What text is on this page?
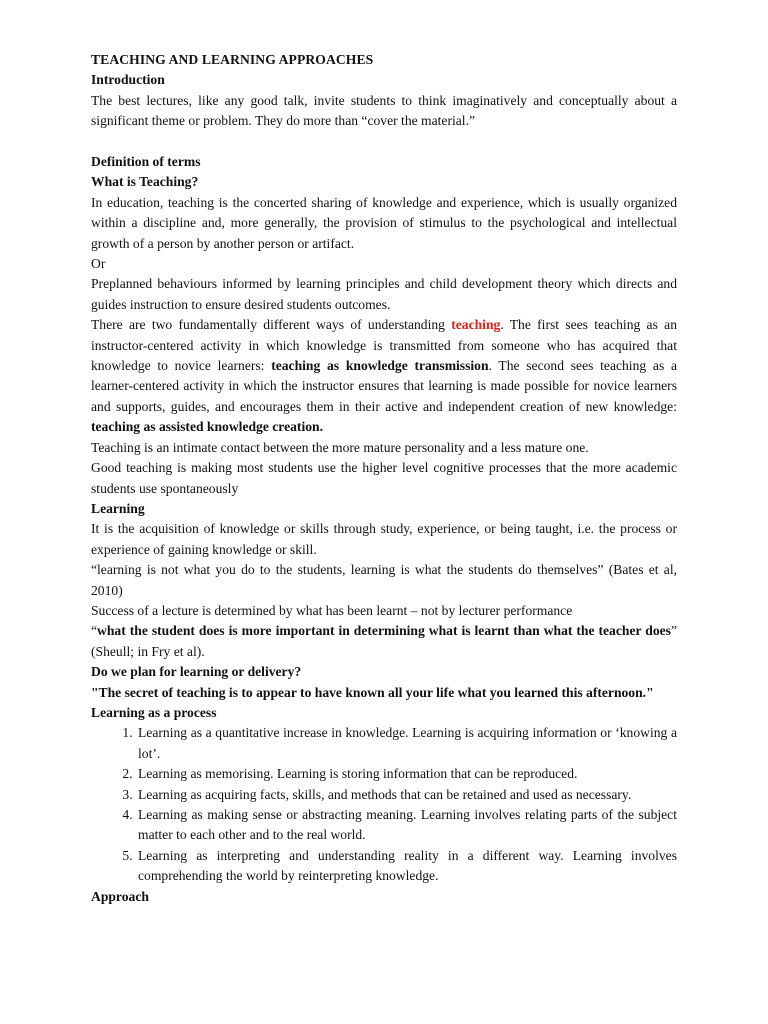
TEACHING AND LEARNING APPROACHES

Introduction

The best lectures, like any good talk, invite students to think imaginatively and conceptually about a significant theme or problem. They do more than “cover the material.”

Definition of terms

What is Teaching?

In education, teaching is the concerted sharing of knowledge and experience, which is usually organized within a discipline and, more generally, the provision of stimulus to the psychological and intellectual growth of a person by another person or artifact.

Or

Preplanned behaviours informed by learning principles and child development theory which directs and guides instruction to ensure desired students outcomes.

There are two fundamentally different ways of understanding teaching. The first sees teaching as an instructor-centered activity in which knowledge is transmitted from someone who has acquired that knowledge to novice learners: teaching as knowledge transmission. The second sees teaching as a learner-centered activity in which the instructor ensures that learning is made possible for novice learners and supports, guides, and encourages them in their active and independent creation of new knowledge: teaching as assisted knowledge creation.

Teaching is an intimate contact between the more mature personality and a less mature one.

Good teaching is making most students use the higher level cognitive processes that the more academic students use spontaneously

Learning

It is the acquisition of knowledge or skills through study, experience, or being taught, i.e. the process or experience of gaining knowledge or skill.

“learning is not what you do to the students, learning is what the students do themselves” (Bates et al, 2010)

Success of a lecture is determined by what has been learnt – not by lecturer performance

“what the student does is more important in determining what is learnt than what the teacher does” (Sheull; in Fry et al).

Do we plan for learning or delivery?

"The secret of teaching is to appear to have known all your life what you learned this afternoon."

Learning as a process

1. Learning as a quantitative increase in knowledge. Learning is acquiring information or ‘knowing a lot’.
2. Learning as memorising. Learning is storing information that can be reproduced.
3. Learning as acquiring facts, skills, and methods that can be retained and used as necessary.
4. Learning as making sense or abstracting meaning. Learning involves relating parts of the subject matter to each other and to the real world.
5. Learning as interpreting and understanding reality in a different way. Learning involves comprehending the world by reinterpreting knowledge.

Approach
